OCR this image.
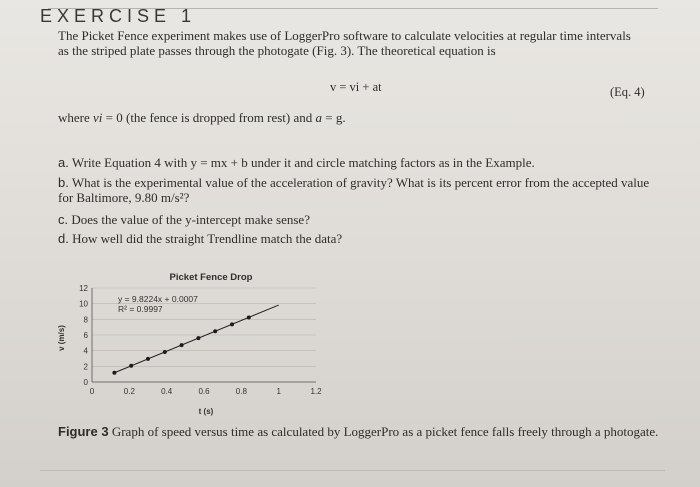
EXERCISE 1
The Picket Fence experiment makes use of LoggerPro software to calculate velocities at regular time intervals as the striped plate passes through the photogate (Fig. 3). The theoretical equation is
v = vi + at	(Eq. 4)
where vi = 0 (the fence is dropped from rest) and a = g.
a. Write Equation 4 with y = mx + b under it and circle matching factors as in the Example.
b. What is the experimental value of the acceleration of gravity? What is its percent error from the accepted value for Baltimore, 9.80 m/s²?
c. Does the value of the y-intercept make sense?
d. How well did the straight Trendline match the data?
Picket Fence Drop
0
2
4
6
8
10
12
0	0.2	0.4	0.6	0.8	1	1.2
y = 9.8224x + 0.0007
R² = 0.9997
t (s)
v (m/s)
Figure 3 Graph of speed versus time as calculated by LoggerPro as a picket fence falls freely through a photogate.
